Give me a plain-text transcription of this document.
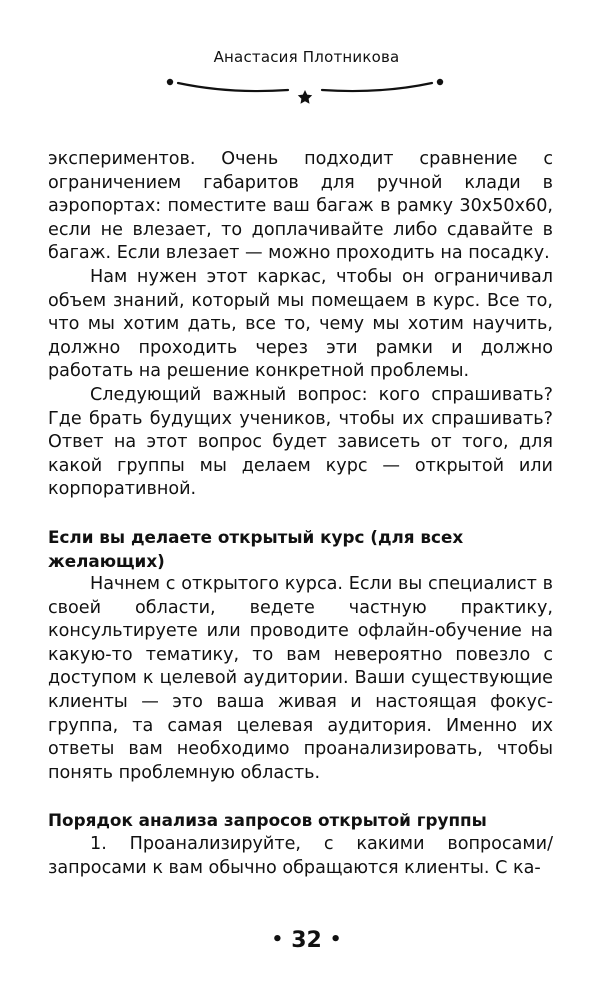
Анастасия Плотникова

экспериментов. Очень подходит сравнение с ограничением габаритов для ручной клади в аэропортах: поместите ваш багаж в рамку 30х50х60, если не влезает, то доплачивайте либо сдавайте в багаж. Если влезает — можно проходить на посадку.

Нам нужен этот каркас, чтобы он ограничивал объем знаний, который мы помещаем в курс. Все то, что мы хотим дать, все то, чему мы хотим научить, должно проходить через эти рамки и должно работать на решение конкретной проблемы.

Следующий важный вопрос: кого спрашивать? Где брать будущих учеников, чтобы их спрашивать? Ответ на этот вопрос будет зависеть от того, для какой группы мы делаем курс — открытой или корпоративной.

Если вы делаете открытый курс (для всех желающих)

Начнем с открытого курса. Если вы специалист в своей области, ведете частную практику, консультируете или проводите офлайн-обучение на какую-то тематику, то вам невероятно повезло с доступом к целевой аудитории. Ваши существующие клиенты — это ваша живая и настоящая фокус-группа, та самая целевая аудитория. Именно их ответы вам необходимо проанализировать, чтобы понять проблемную область.

Порядок анализа запросов открытой группы

1. Проанализируйте, с какими вопросами/ запросами к вам обычно обращаются клиенты. С ка-

• 32 •
